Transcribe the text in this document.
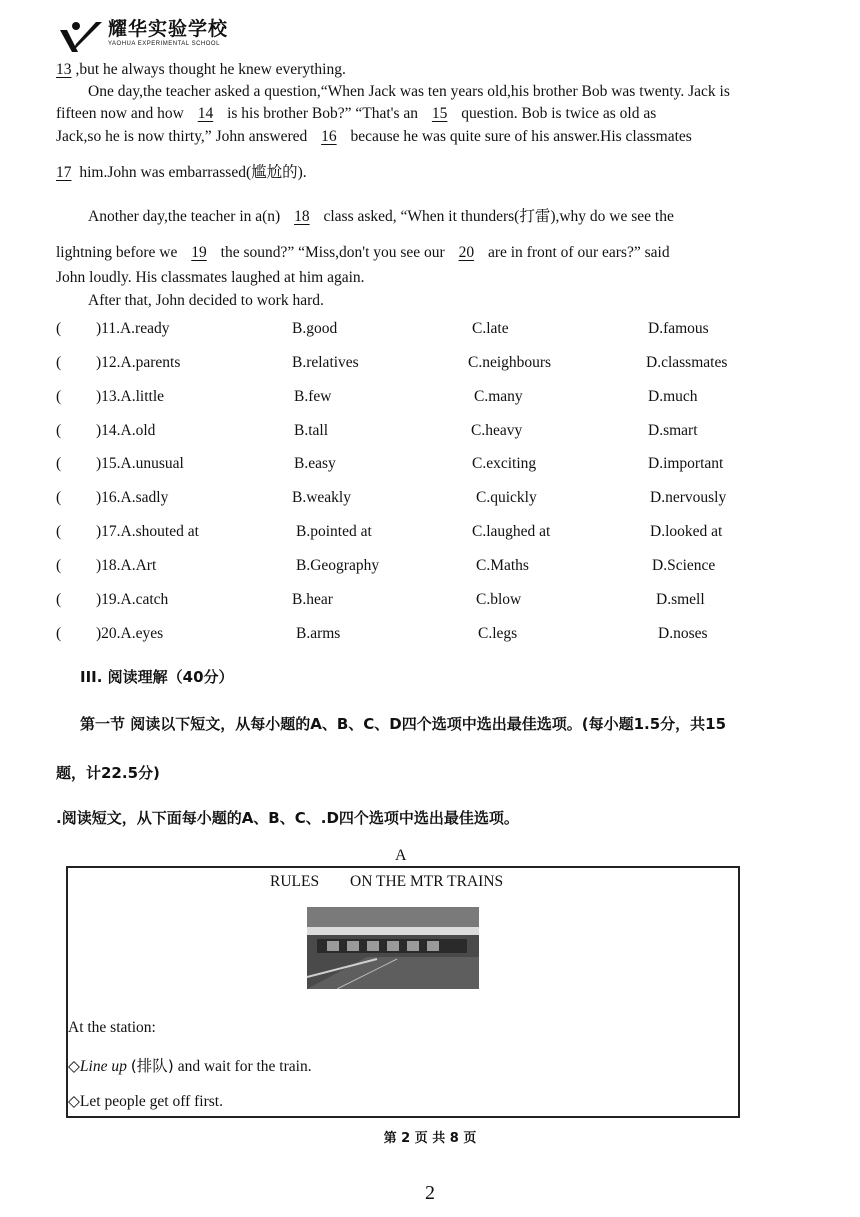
耀华实验学校
YAOHUA EXPERIMENTAL SCHOOL
13 ,but he always thought he knew everything.
One day,the teacher asked a question,“When Jack was ten years old,his brother Bob was twenty. Jack is
fifteen now and how 14 is his brother Bob?” “That's an 15 question. Bob is twice as old as
Jack,so he is now thirty,” John answered 16 because he was quite sure of his answer.His classmates
17 him.John was embarrassed(尴尬的).
Another day,the teacher in a(n) 18 class asked, “When it thunders(打雷),why do we see the
lightning before we 19 the sound?” “Miss,don't you see our 20 are in front of our ears?” said
John loudly. His classmates laughed at him again.
After that, John decided to work hard.
( )11.A.ready	B.good	C.late	D.famous
( )12.A.parents	B.relatives	C.neighbours	D.classmates
( )13.A.little	B.few	C.many	D.much
( )14.A.old	B.tall	C.heavy	D.smart
( )15.A.unusual	B.easy	C.exciting	D.important
( )16.A.sadly	B.weakly	C.quickly	D.nervously
( )17.A.shouted at	B.pointed at	C.laughed at	D.looked at
( )18.A.Art	B.Geography	C.Maths	D.Science
( )19.A.catch	B.hear	C.blow	D.smell
( )20.A.eyes	B.arms	C.legs	D.noses
III. 阅读理解（40分）
第一节 阅读以下短文，从每小题的A、B、C、D四个选项中选出最佳选项。(每小题1.5分，共15
题，计22.5分)
.阅读短文，从下面每小题的A、B、C、.D四个选项中选出最佳选项。
A
RULES ON THE MTR TRAINS
At the station:
◇Line up (排队) and wait for the train.
◇Let people get off first.
第 2 页 共 8 页
2
